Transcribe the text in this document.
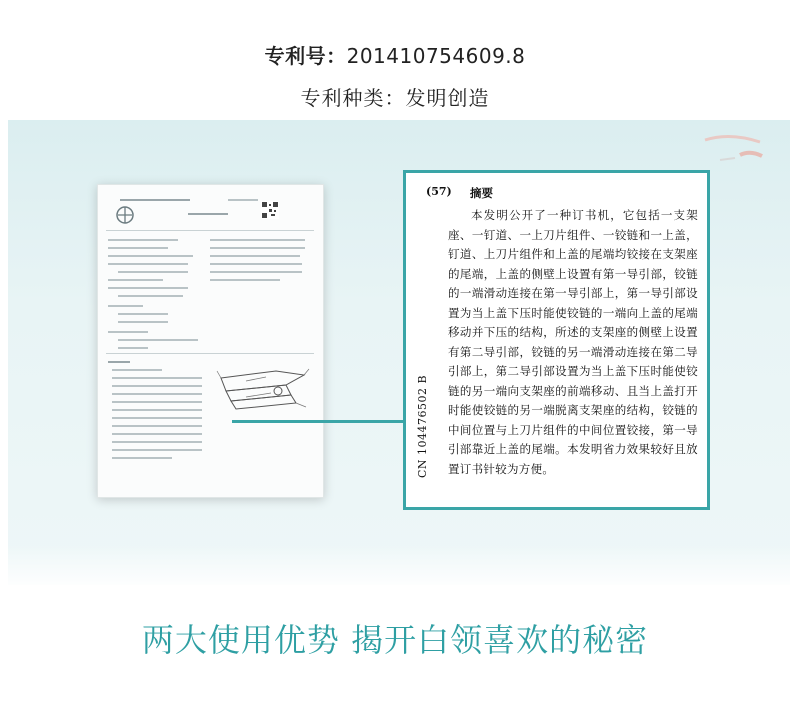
专利号：201410754609.8
专利种类：发明创造
(57) 摘要
本发明公开了一种订书机，它包括一支架座、一钉道、一上刀片组件、一铰链和一上盖，钉道、上刀片组件和上盖的尾端均铰接在支架座的尾端，上盖的侧壁上设置有第一导引部，铰链的一端滑动连接在第一导引部上，第一导引部设置为当上盖下压时能使铰链的一端向上盖的尾端移动并下压的结构，所述的支架座的侧壁上设置有第二导引部，铰链的另一端滑动连接在第二导引部上，第二导引部设置为当上盖下压时能使铰链的另一端向支架座的前端移动、且当上盖打开时能使铰链的另一端脱离支架座的结构，铰链的中间位置与上刀片组件的中间位置铰接，第一导引部靠近上盖的尾端。本发明省力效果较好且放置订书针较为方便。
CN 104476502 B
两大使用优势 揭开白领喜欢的秘密
